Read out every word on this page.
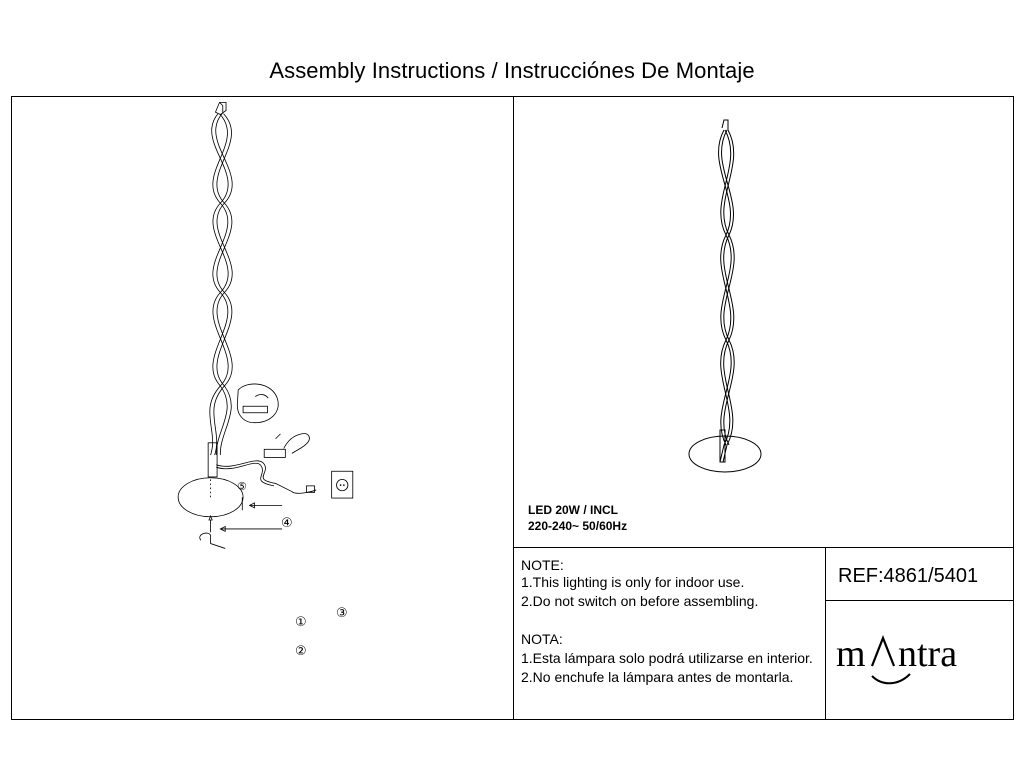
Assembly Instructions / Instrucciónes De Montaje
①
②
③
④
⑤
LED 20W / INCL
220-240~ 50/60Hz
NOTE:
1.This lighting is only for indoor use.
2.Do not switch on before assembling.
NOTA:
1.Esta lámpara solo podrá utilizarse en interior.
2.No enchufe la lámpara antes de montarla.
REF:4861/5401
m ntra
